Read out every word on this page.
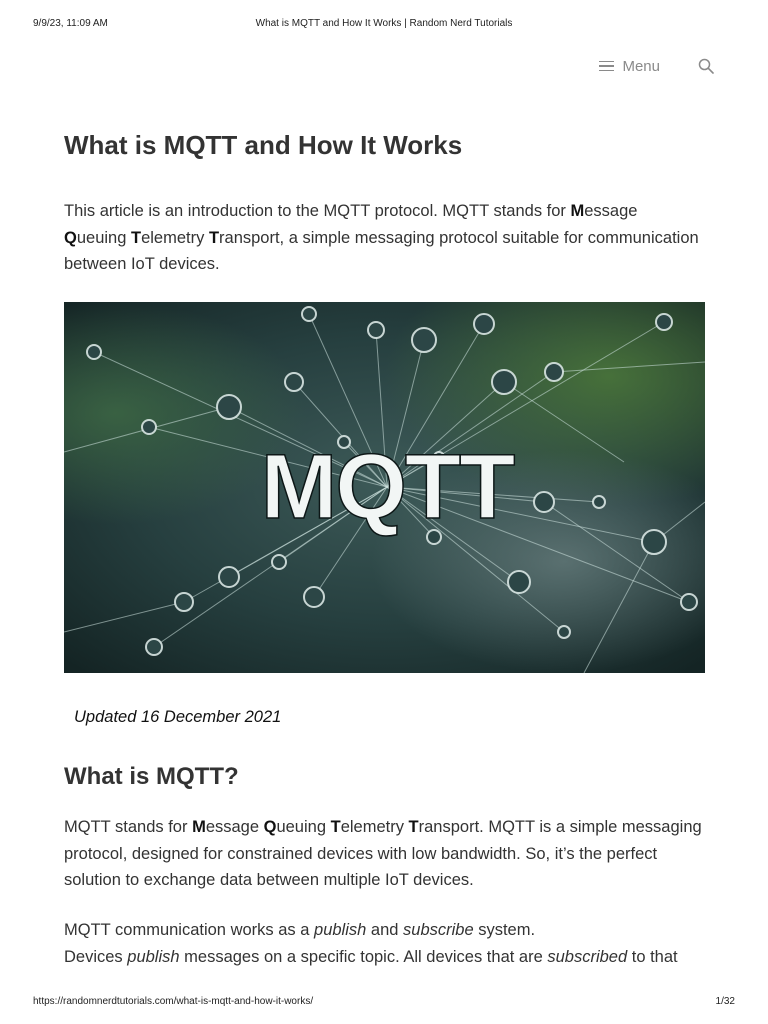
9/9/23, 11:09 AM	What is MQTT and How It Works | Random Nerd Tutorials
Menu
What is MQTT and How It Works

This article is an introduction to the MQTT protocol. MQTT stands for Message
Queuing Telemetry Transport, a simple messaging protocol suitable for communication between IoT devices.

MQTT

Updated 16 December 2021

What is MQTT?

MQTT stands for Message Queuing Telemetry Transport. MQTT is a simple messaging protocol, designed for constrained devices with low bandwidth. So, it’s the perfect solution to exchange data between multiple IoT devices.

MQTT communication works as a publish and subscribe system.
Devices publish messages on a specific topic. All devices that are subscribed to that

https://randomnerdtutorials.com/what-is-mqtt-and-how-it-works/	1/32
